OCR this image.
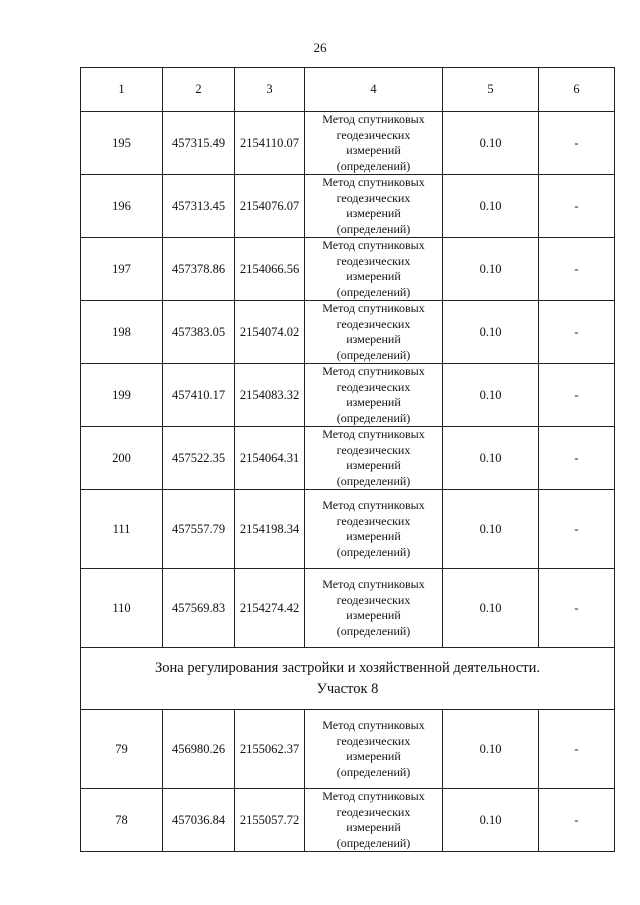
26
1	2	3	4	5	6
195	457315.49	2154110.07	Метод спутниковых
геодезических
измерений
(определений)	0.10	-
196	457313.45	2154076.07	Метод спутниковых
геодезических
измерений
(определений)	0.10	-
197	457378.86	2154066.56	Метод спутниковых
геодезических
измерений
(определений)	0.10	-
198	457383.05	2154074.02	Метод спутниковых
геодезических
измерений
(определений)	0.10	-
199	457410.17	2154083.32	Метод спутниковых
геодезических
измерений
(определений)	0.10	-
200	457522.35	2154064.31	Метод спутниковых
геодезических
измерений
(определений)	0.10	-
111	457557.79	2154198.34	Метод спутниковых
геодезических
измерений
(определений)	0.10	-
110	457569.83	2154274.42	Метод спутниковых
геодезических
измерений
(определений)	0.10	-

Зона регулирования застройки и хозяйственной деятельности.
Участок 8					

79	456980.26	2155062.37	Метод спутниковых
геодезических
измерений
(определений)	0.10	-
78	457036.84	2155057.72	Метод спутниковых
геодезических
измерений
(определений)	0.10	-
